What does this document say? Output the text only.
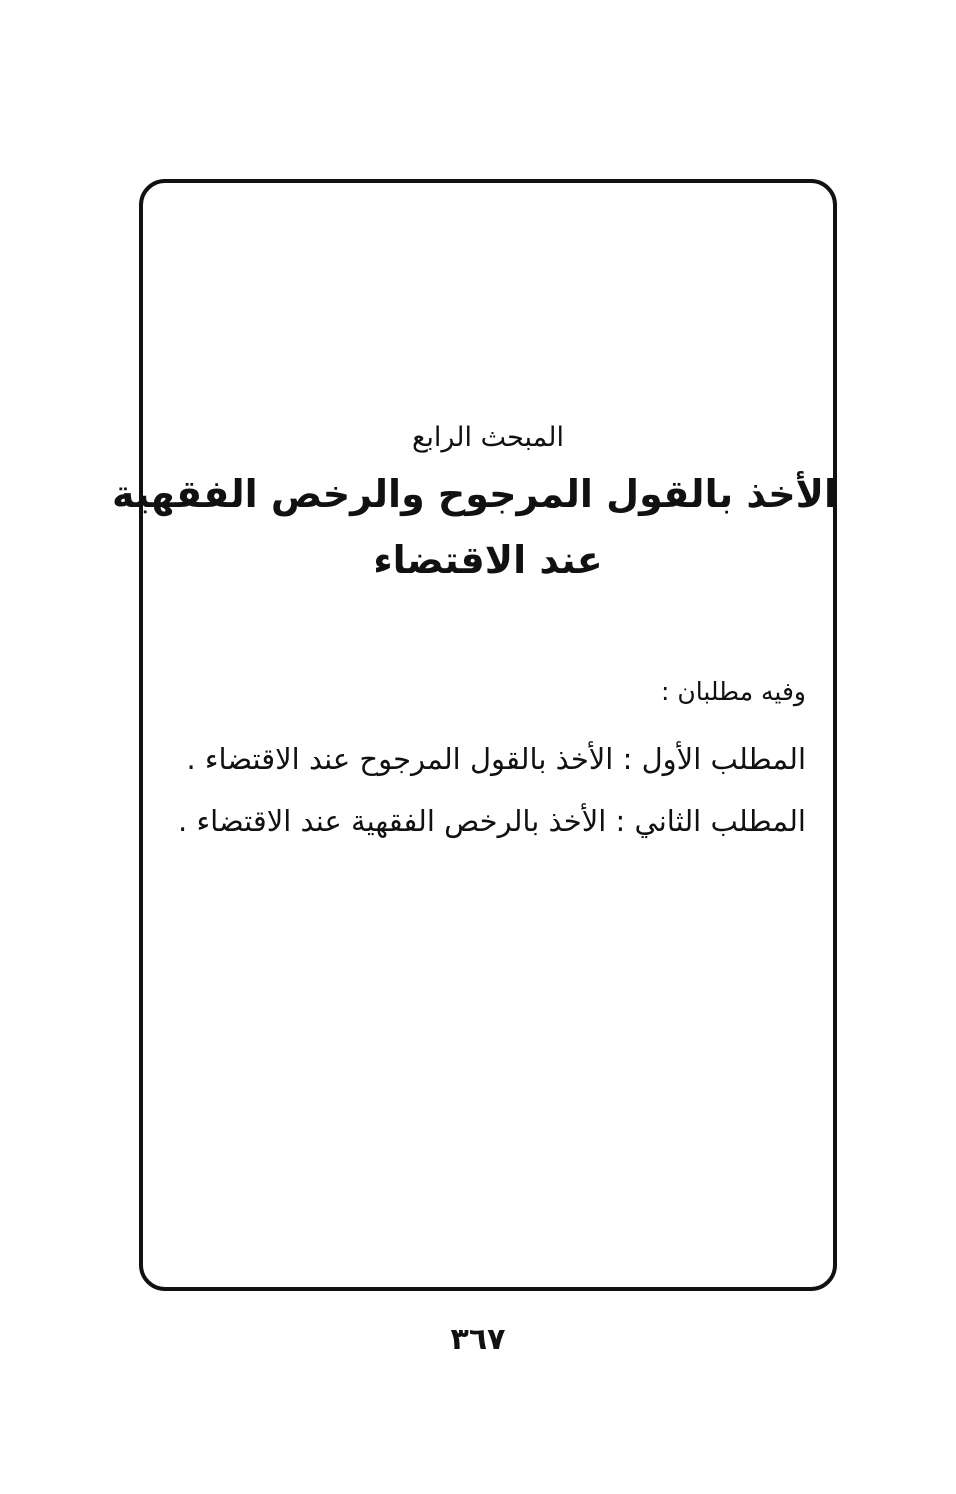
المبحث الرابع
الأخذ بالقول المرجوح والرخص الفقهية
عند الاقتضاء
وفيه مطلبان :
المطلب الأول : الأخذ بالقول المرجوح عند الاقتضاء .
المطلب الثاني : الأخذ بالرخص الفقهية عند الاقتضاء .
٣٦٧
